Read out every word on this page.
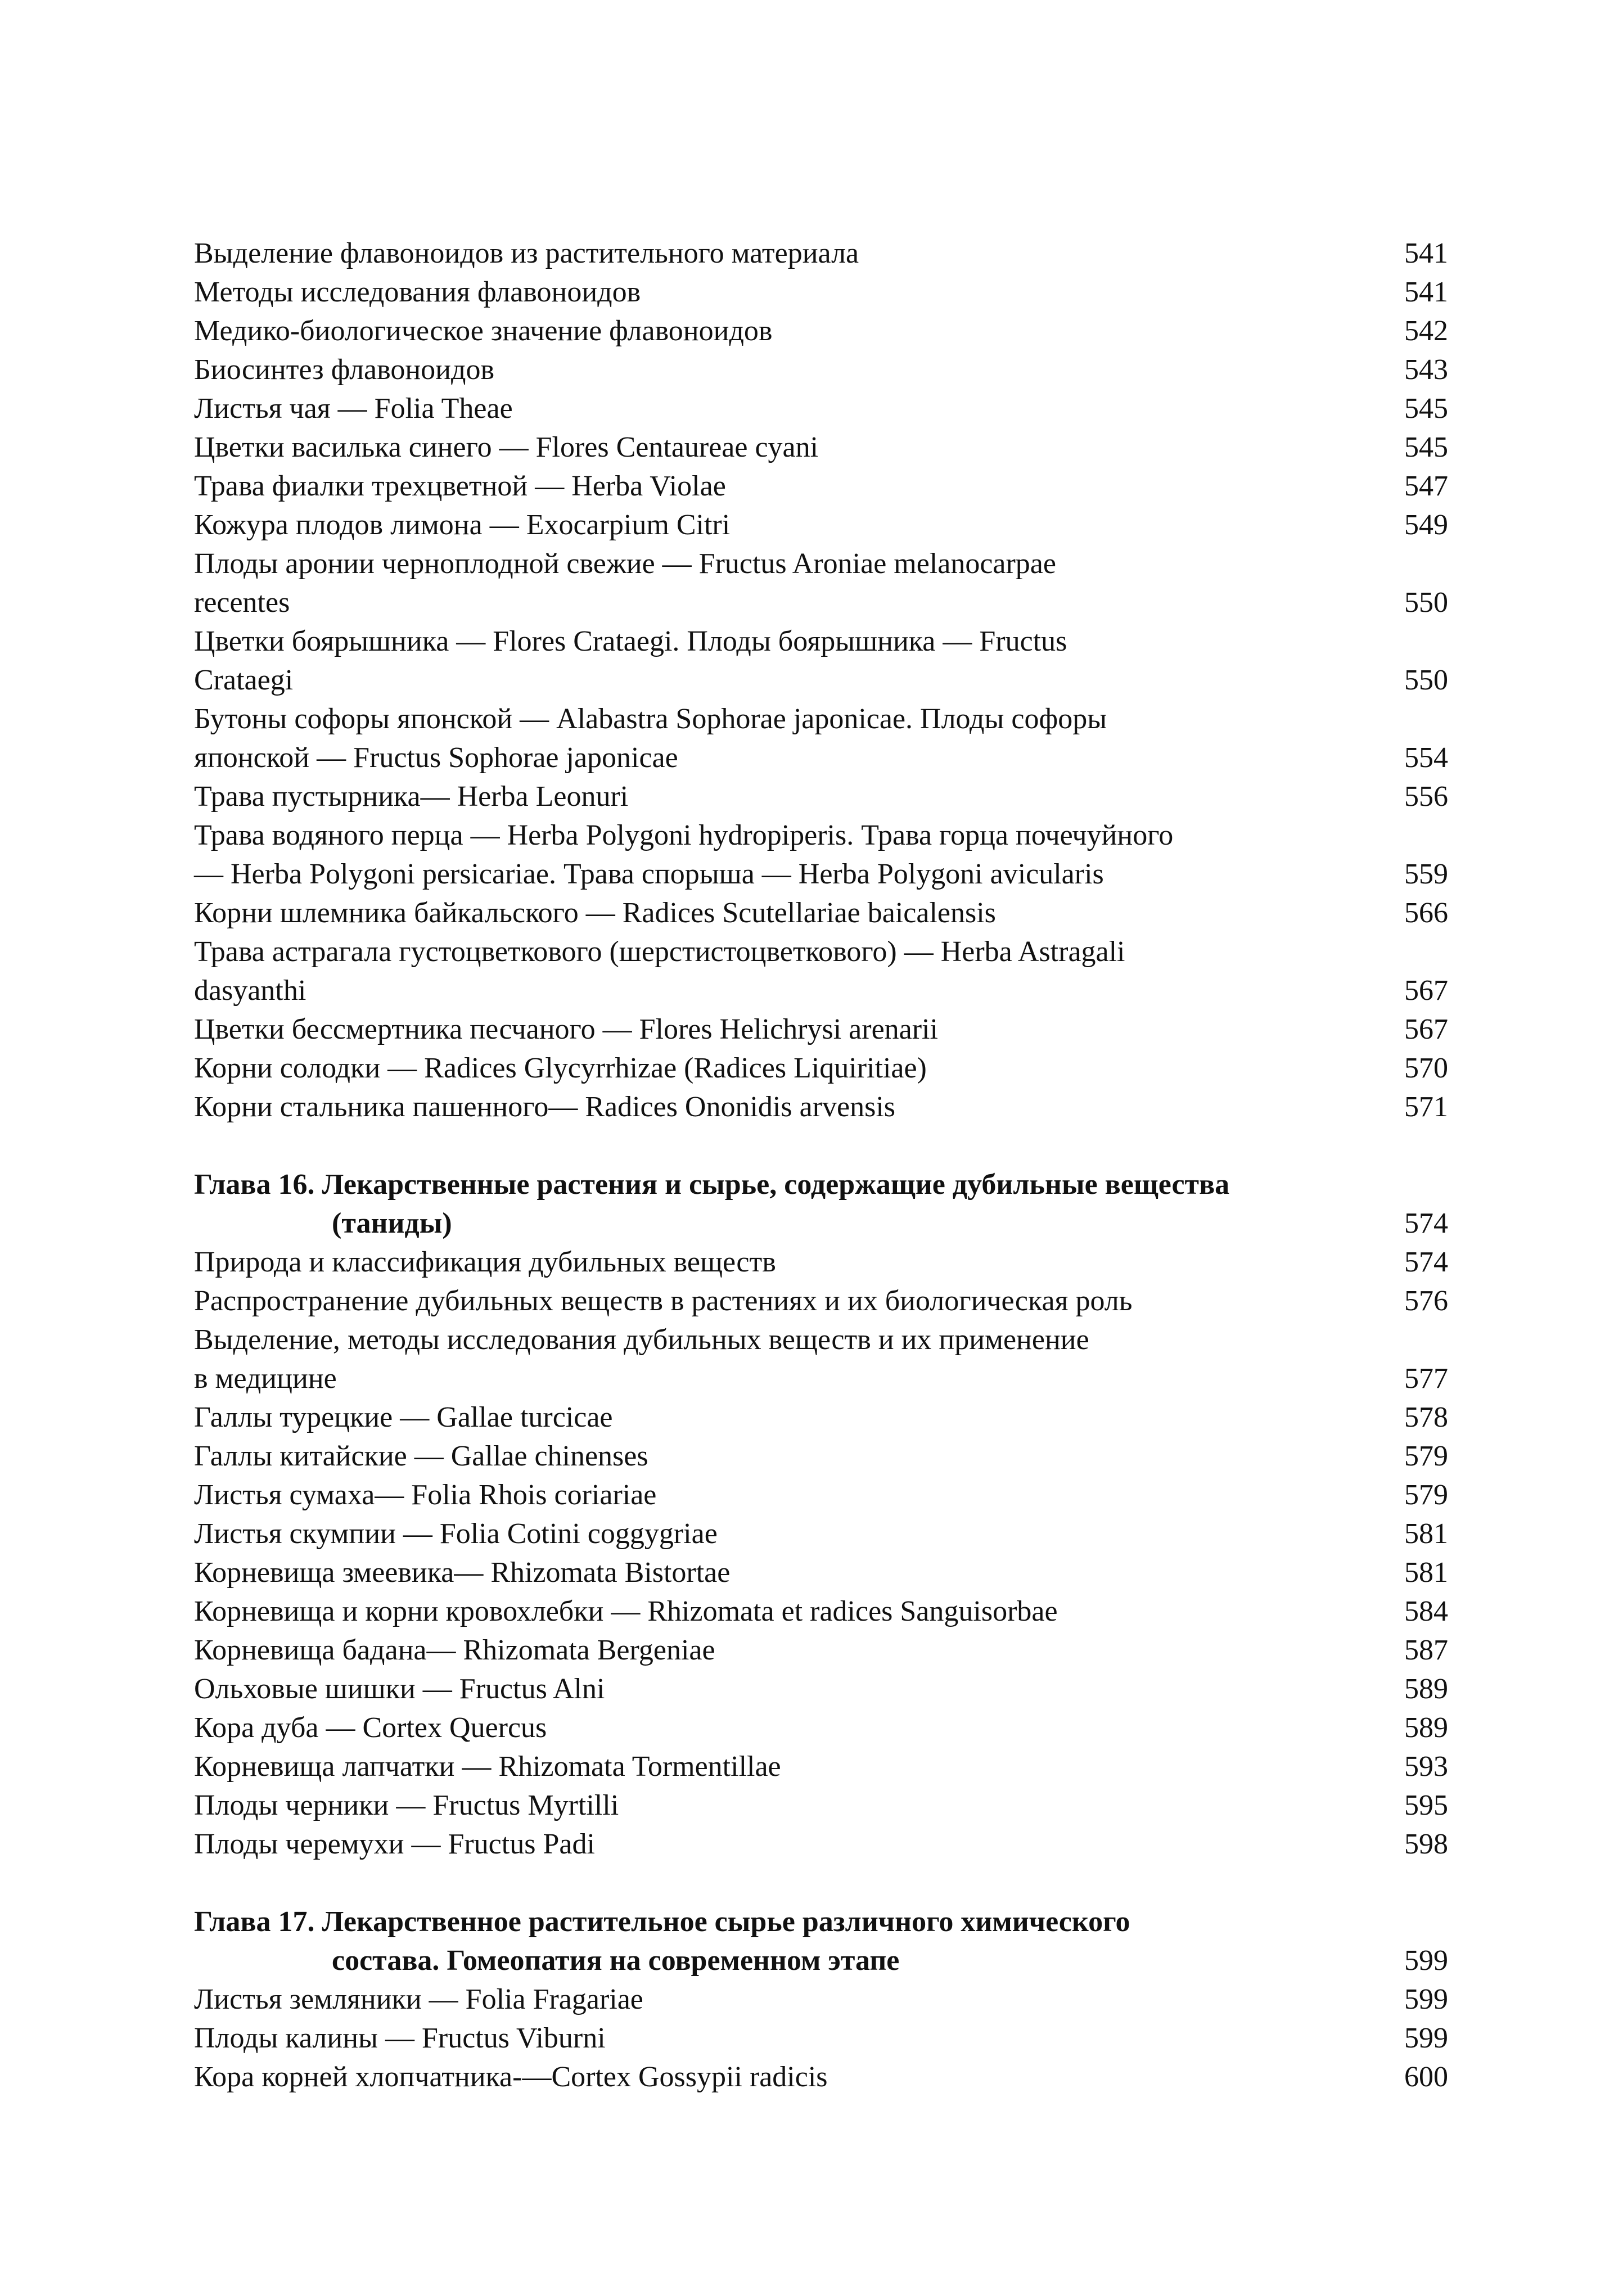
Выделение флавоноидов из растительного материала	541
Методы исследования флавоноидов	541
Медико-биологическое значение флавоноидов	542
Биосинтез флавоноидов	543
Листья чая — Folia Theae	545
Цветки василька синего — Flores Centaureae cyani	545
Трава фиалки трехцветной — Herba Violae	547
Кожура плодов лимона — Exocarpium Citri	549
Плоды аронии черноплодной свежие — Fructus Aroniae melanocarpae
recentes	550
Цветки боярышника — Flores Crataegi. Плоды боярышника — Fructus
Crataegi	550
Бутоны софоры японской — Alabastra Sophorae japonicae. Плоды софоры
японской — Fructus Sophorae japonicae	554
Трава пустырника— Herba Leonuri	556
Трава водяного перца — Herba Polygoni hydropiperis. Трава горца почечуйного
— Herba Polygoni persicariae. Трава спорыша — Herba Polygoni avicularis	559
Корни шлемника байкальского — Radices Scutellariae baicalensis	566
Трава астрагала густоцветкового (шерстистоцветкового) — Herba Astragali
dasyanthi	567
Цветки бессмертника песчаного — Flores Helichrysi arenarii	567
Корни солодки — Radices Glycyrrhizae (Radices Liquiritiae)	570
Корни стальника пашенного— Radices Ononidis arvensis	571
Глава 16. Лекарственные растения и сырье, содержащие дубильные вещества
(таниды)	574
Природа и классификация дубильных веществ	574
Распространение дубильных веществ в растениях и их биологическая роль	576
Выделение, методы исследования дубильных веществ и их применение
в медицине	577
Галлы турецкие — Gallae turcicae	578
Галлы китайские — Gallae chinenses	579
Листья сумаха— Folia Rhois coriariae	579
Листья скумпии — Folia Cotini coggygriae	581
Корневища змеевика— Rhizomata Bistortae	581
Корневища и корни кровохлебки — Rhizomata et radices Sanguisorbae	584
Корневища бадана— Rhizomata Bergeniae	587
Ольховые шишки — Fructus Alni	589
Кора дуба — Cortex Quercus	589
Корневища лапчатки — Rhizomata Tormentillae	593
Плоды черники — Fructus Myrtilli	595
Плоды черемухи — Fructus Padi	598
Глава 17. Лекарственное растительное сырье различного химического
состава. Гомеопатия на современном этапе	599
Листья земляники — Folia Fragariae	599
Плоды калины — Fructus Viburni	599
Кора корней хлопчатника-—Cortex Gossypii radicis	600
